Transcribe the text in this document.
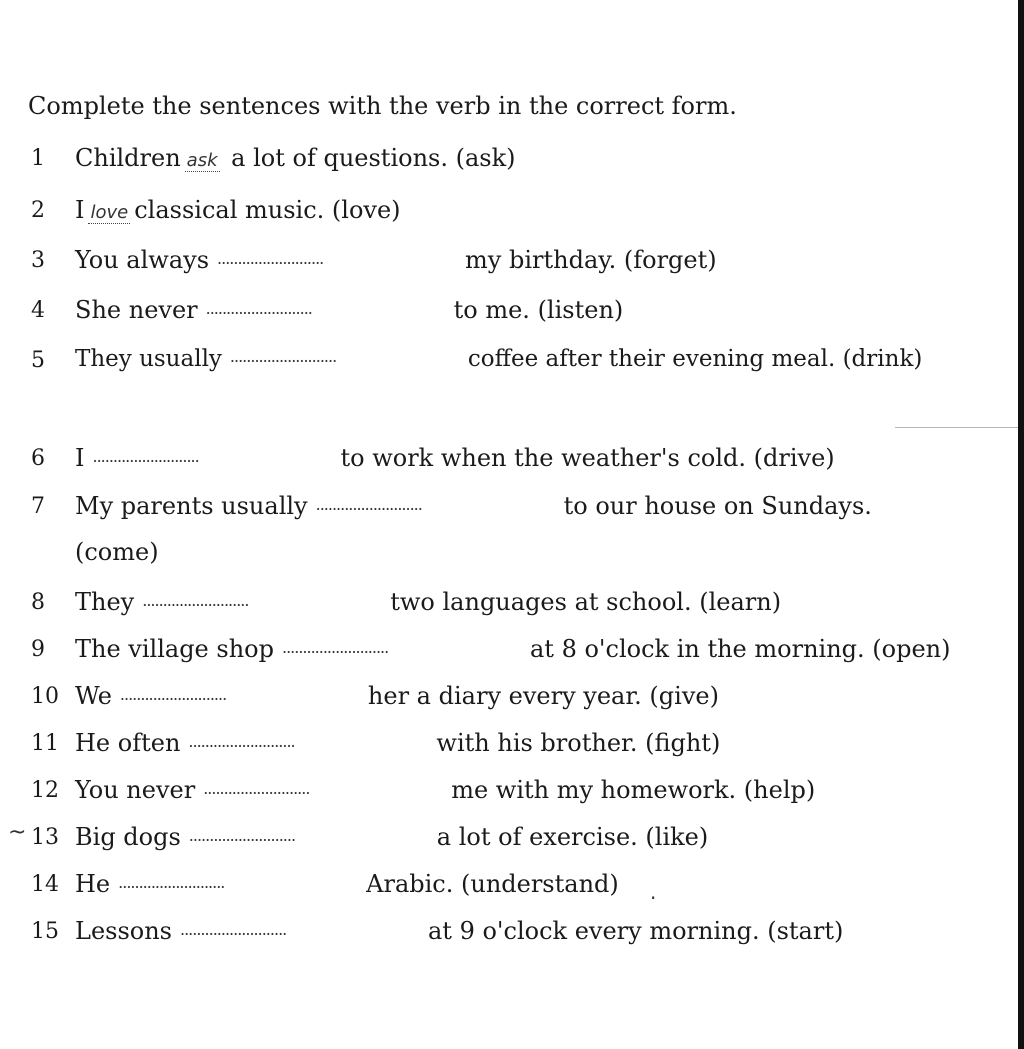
Complete the sentences with the verb in the correct form.
1 Children ask a lot of questions. (ask)
2 I love classical music. (love)
3 You always ..........................	my birthday. (forget)
4 She never ..........................	to me. (listen)
5 They usually ..........................	coffee after their evening meal. (drink)
6 I ..........................	to work when the weather's cold. (drive)
7 My parents usually ..........................	to our house on Sundays.
(come)
8 They ..........................	two languages at school. (learn)
9 The village shop ..........................	at 8 o'clock in the morning. (open)
10 We ..........................	her a diary every year. (give)
11 He often ..........................	with his brother. (fight)
12 You never ..........................	me with my homework. (help)
~ 13 Big dogs ..........................	a lot of exercise. (like)
14 He ..........................	Arabic. (understand) .
15 Lessons ..........................	at 9 o'clock every morning. (start)
